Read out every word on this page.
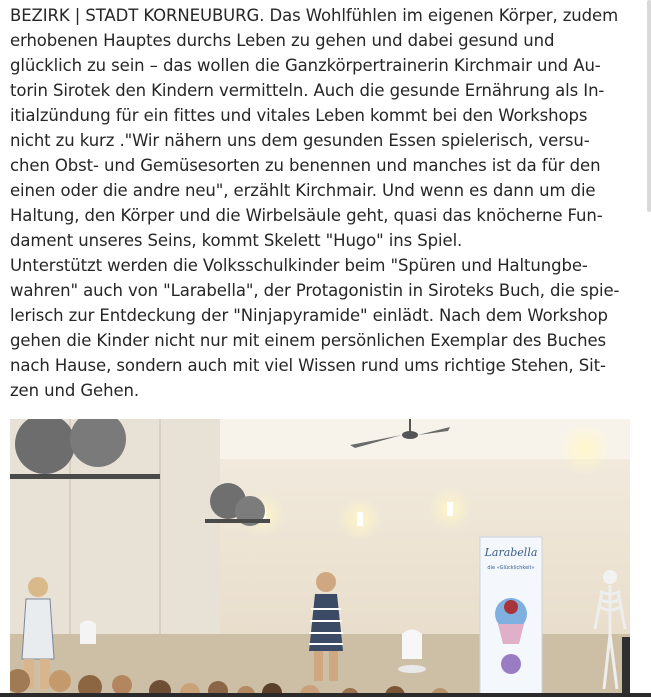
BEZIRK | STADT KORNEUBURG. Das Wohlfühlen im eigenen Körper, zudem

erhobenen Hauptes durchs Leben zu gehen und dabei gesund und

glücklich zu sein – das wollen die Ganzkörpertrainerin Kirchmair und Au-

torin Sirotek den Kindern vermitteln. Auch die gesunde Ernährung als In-

itialzündung für ein fittes und vitales Leben kommt bei den Workshops

nicht zu kurz ."Wir nähern uns dem gesunden Essen spielerisch, versu-

chen Obst- und Gemüsesorten zu benennen und manches ist da für den

einen oder die andre neu", erzählt Kirchmair. Und wenn es dann um die

Haltung, den Körper und die Wirbelsäule geht, quasi das knöcherne Fun-

dament unseres Seins, kommt Skelett "Hugo" ins Spiel.

Unterstützt werden die Volksschulkinder beim "Spüren und Haltungbe-

wahren" auch von "Larabella", der Protagonistin in Siroteks Buch, die spie-

lerisch zur Entdeckung der "Ninjapyramide" einlädt. Nach dem Workshop

gehen die Kinder nicht nur mit einem persönlichen Exemplar des Buches

nach Hause, sondern auch mit viel Wissen rund ums richtige Stehen, Sit-

zen und Gehen.

Larabella
die «Glücklichkeit»
